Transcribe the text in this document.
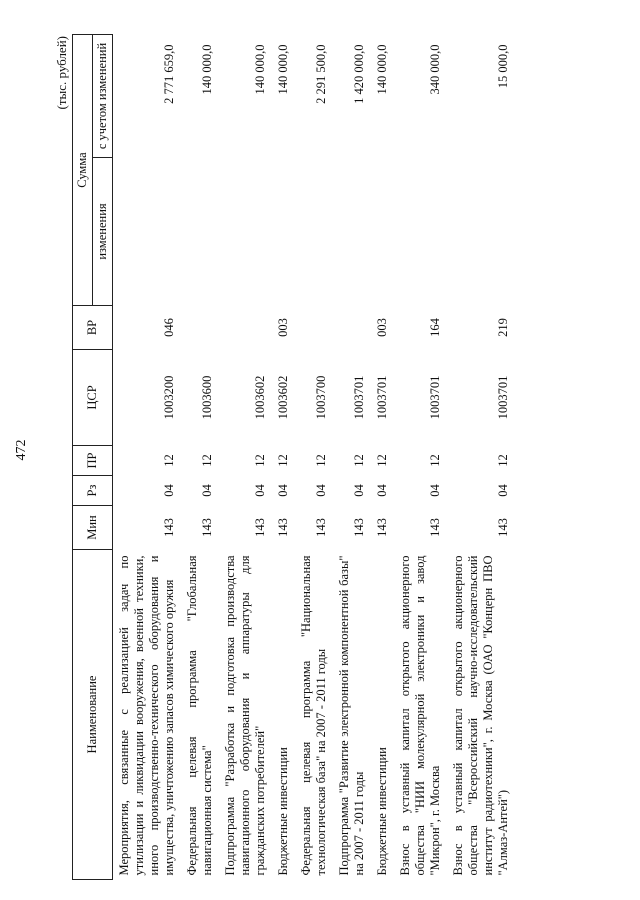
472
(тыс. рублей)
Наименование	Мин	Рз	ПР	ЦСР	ВР	Сумма	
						изменения	с учетом изменений
Мероприятия, связанные с реализацией задач по утилизации и ликвидации вооружения, военной техники, иного производственно-технического оборудования и имущества, уничтожению запасов химического оружия	143	04	12	1003200	046		2 771 659,0
Федеральная целевая программа "Глобальная навигационная система"	143	04	12	1003600			140 000,0
Подпрограмма "Разработка и подготовка производства навигационного оборудования и аппаратуры для гражданских потребителей"	143	04	12	1003602			140 000,0
Бюджетные инвестиции	143	04	12	1003602	003		140 000,0
Федеральная целевая программа "Национальная технологическая база" на 2007 - 2011 годы	143	04	12	1003700			2 291 500,0
Подпрограмма "Развитие электронной компонентной базы" на 2007 - 2011 годы	143	04	12	1003701			1 420 000,0
Бюджетные инвестиции	143	04	12	1003701	003		140 000,0
Взнос в уставный капитал открытого акционерного общества "НИИ молекулярной электроники и завод "Микрон", г. Москва	143	04	12	1003701	164		340 000,0
Взнос в уставный капитал открытого акционерного общества "Всероссийский научно-исследовательский институт радиотехники", г. Москва (ОАО "Концерн ПВО "Алмаз-Антей")	143	04	12	1003701	219		15 000,0
